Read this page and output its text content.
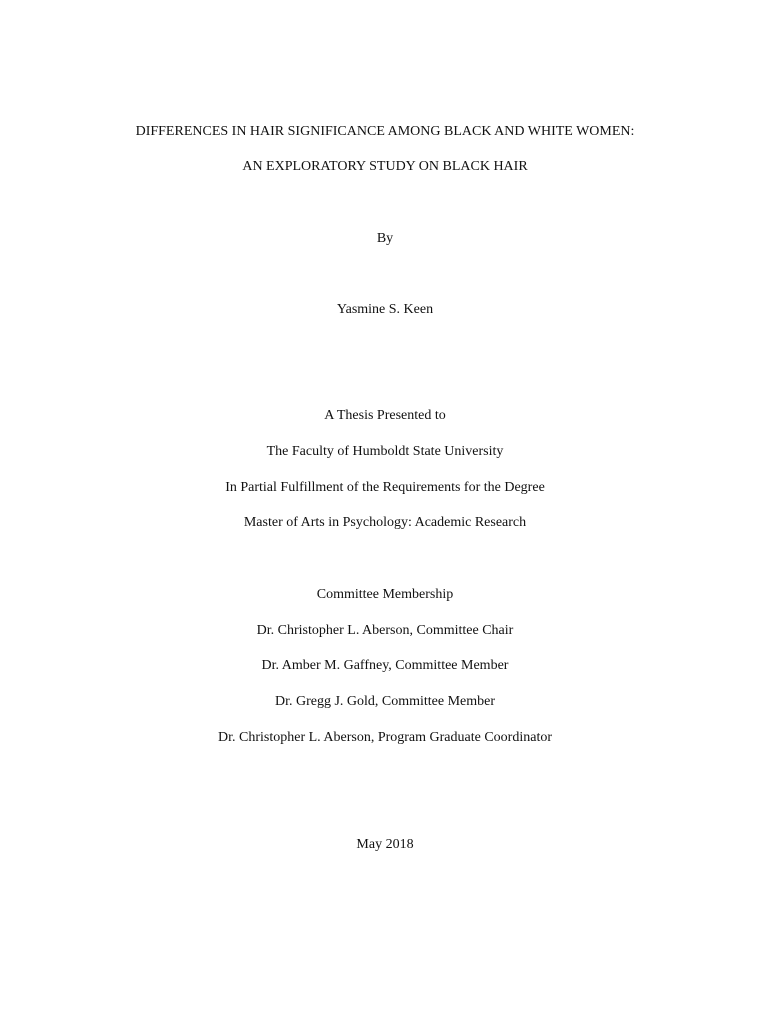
DIFFERENCES IN HAIR SIGNIFICANCE AMONG BLACK AND WHITE WOMEN:
AN EXPLORATORY STUDY ON BLACK HAIR
By
Yasmine S. Keen
A Thesis Presented to
The Faculty of Humboldt State University
In Partial Fulfillment of the Requirements for the Degree
Master of Arts in Psychology: Academic Research
Committee Membership
Dr. Christopher L. Aberson, Committee Chair
Dr. Amber M. Gaffney, Committee Member
Dr. Gregg J. Gold, Committee Member
Dr. Christopher L. Aberson, Program Graduate Coordinator
May 2018
